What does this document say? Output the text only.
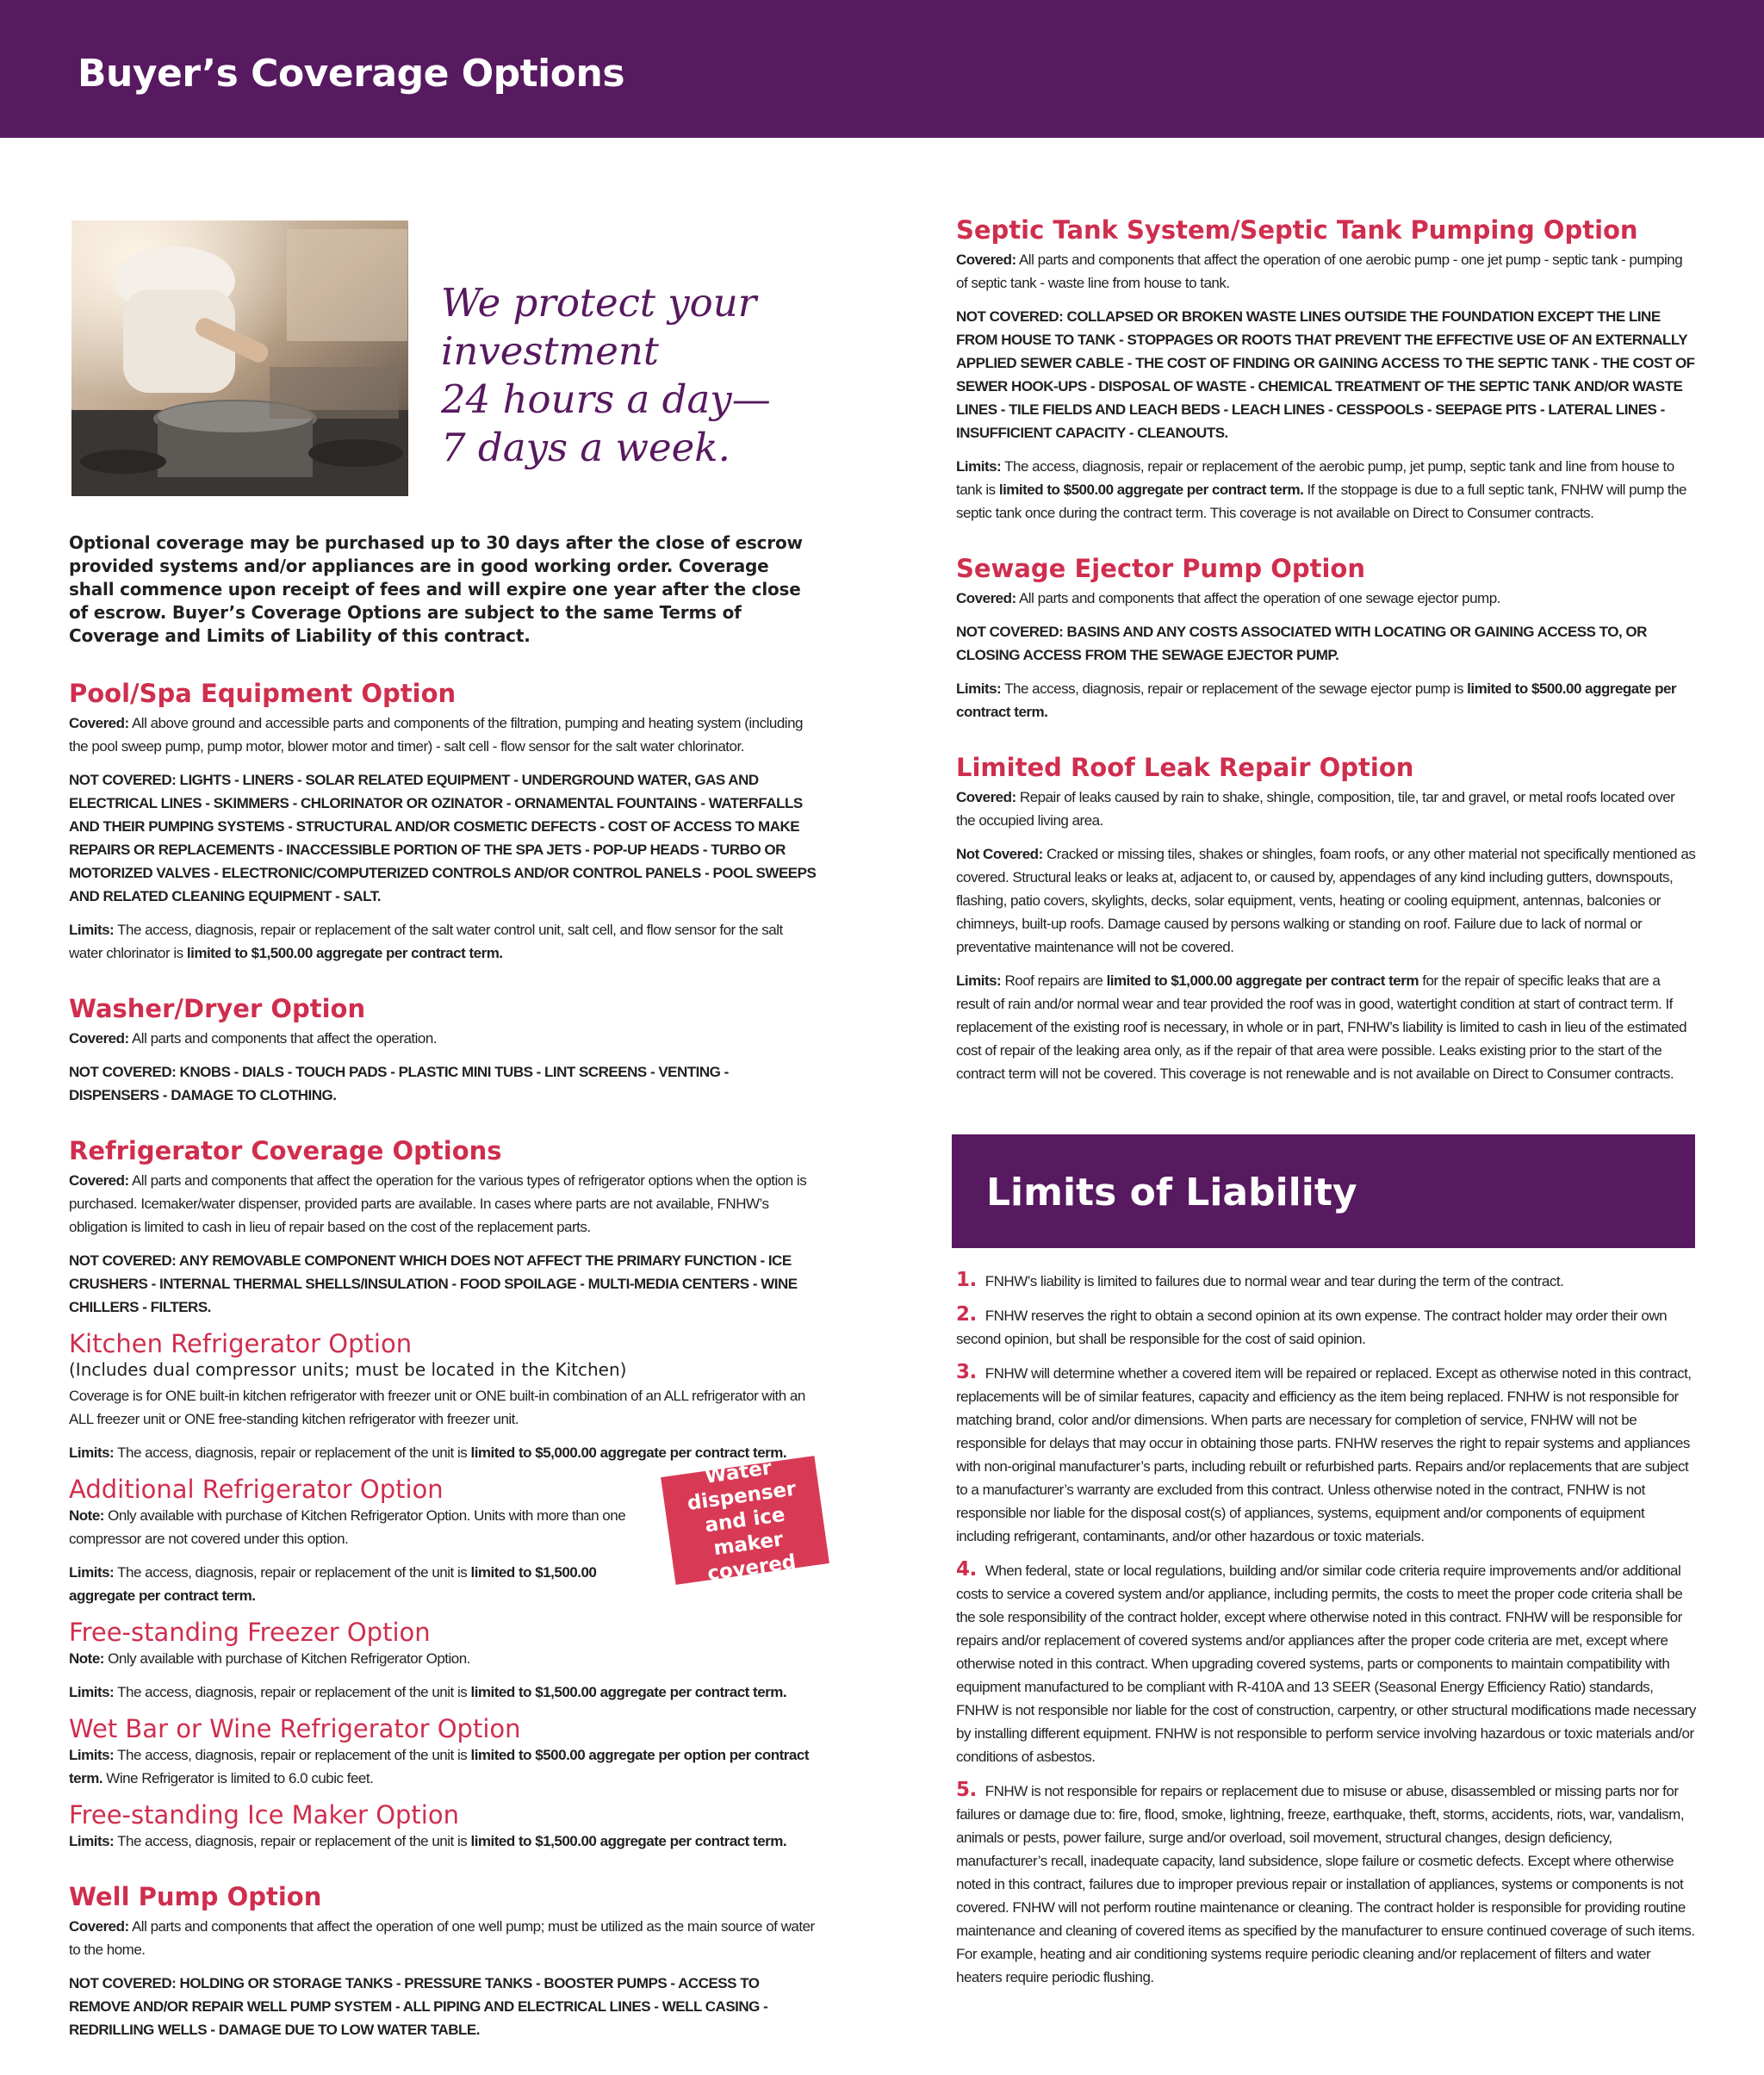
Buyer’s Coverage Options
We protect your
investment
24 hours a day—
7 days a week.

Optional coverage may be purchased up to 30 days after the close of escrow provided systems and/or appliances are in good working order. Coverage shall commence upon receipt of fees and will expire one year after the close of escrow. Buyer’s Coverage Options are subject to the same Terms of Coverage and Limits of Liability of this contract.

Pool/Spa Equipment Option

Covered: All above ground and accessible parts and components of the filtration, pumping and heating system (including the pool sweep pump, pump motor, blower motor and timer) - salt cell - flow sensor for the salt water chlorinator.

NOT COVERED: LIGHTS - LINERS - SOLAR RELATED EQUIPMENT - UNDERGROUND WATER, GAS AND ELECTRICAL LINES - SKIMMERS - CHLORINATOR OR OZINATOR - ORNAMENTAL FOUNTAINS - WATERFALLS AND THEIR PUMPING SYSTEMS - STRUCTURAL AND/OR COSMETIC DEFECTS - COST OF ACCESS TO MAKE REPAIRS OR REPLACEMENTS - INACCESSIBLE PORTION OF THE SPA JETS - POP-UP HEADS - TURBO OR MOTORIZED VALVES - ELECTRONIC/COMPUTERIZED CONTROLS AND/OR CONTROL PANELS - POOL SWEEPS AND RELATED CLEANING EQUIPMENT - SALT.

Limits: The access, diagnosis, repair or replacement of the salt water control unit, salt cell, and flow sensor for the salt water chlorinator is limited to $1,500.00 aggregate per contract term.

Washer/Dryer Option

Covered: All parts and components that affect the operation.

NOT COVERED: KNOBS - DIALS - TOUCH PADS - PLASTIC MINI TUBS - LINT SCREENS - VENTING - DISPENSERS - DAMAGE TO CLOTHING.

Refrigerator Coverage Options

Covered: All parts and components that affect the operation for the various types of refrigerator options when the option is purchased. Icemaker/water dispenser, provided parts are available. In cases where parts are not available, FNHW’s obligation is limited to cash in lieu of repair based on the cost of the replacement parts.

NOT COVERED: ANY REMOVABLE COMPONENT WHICH DOES NOT AFFECT THE PRIMARY FUNCTION - ICE CRUSHERS - INTERNAL THERMAL SHELLS/INSULATION - FOOD SPOILAGE - MULTI-MEDIA CENTERS - WINE CHILLERS - FILTERS.

Kitchen Refrigerator Option

(Includes dual compressor units; must be located in the Kitchen)

Coverage is for ONE built-in kitchen refrigerator with freezer unit or ONE built-in combination of an ALL refrigerator with an ALL freezer unit or ONE free-standing kitchen refrigerator with freezer unit.

Limits: The access, diagnosis, repair or replacement of the unit is limited to $5,000.00 aggregate per contract term.

Additional Refrigerator Option

Note: Only available with purchase of Kitchen Refrigerator Option. Units with more than one compressor are not covered under this option.

Limits: The access, diagnosis, repair or replacement of the unit is limited to $1,500.00 aggregate per contract term.

Free-standing Freezer Option

Note: Only available with purchase of Kitchen Refrigerator Option.

Limits: The access, diagnosis, repair or replacement of the unit is limited to $1,500.00 aggregate per contract term.

Wet Bar or Wine Refrigerator Option

Limits: The access, diagnosis, repair or replacement of the unit is limited to $500.00 aggregate per option per contract term. Wine Refrigerator is limited to 6.0 cubic feet.

Free-standing Ice Maker Option

Limits: The access, diagnosis, repair or replacement of the unit is limited to $1,500.00 aggregate per contract term.

Well Pump Option

Covered: All parts and components that affect the operation of one well pump; must be utilized as the main source of water to the home.

NOT COVERED: HOLDING OR STORAGE TANKS - PRESSURE TANKS - BOOSTER PUMPS - ACCESS TO REMOVE AND/OR REPAIR WELL PUMP SYSTEM - ALL PIPING AND ELECTRICAL LINES - WELL CASING - REDRILLING WELLS - DAMAGE DUE TO LOW WATER TABLE.

Water dispenser and ice maker covered
Septic Tank System/Septic Tank Pumping Option

Covered: All parts and components that affect the operation of one aerobic pump - one jet pump - septic tank - pumping of septic tank - waste line from house to tank.

NOT COVERED: COLLAPSED OR BROKEN WASTE LINES OUTSIDE THE FOUNDATION EXCEPT THE LINE FROM HOUSE TO TANK - STOPPAGES OR ROOTS THAT PREVENT THE EFFECTIVE USE OF AN EXTERNALLY APPLIED SEWER CABLE - THE COST OF FINDING OR GAINING ACCESS TO THE SEPTIC TANK - THE COST OF SEWER HOOK-UPS - DISPOSAL OF WASTE - CHEMICAL TREATMENT OF THE SEPTIC TANK AND/OR WASTE LINES - TILE FIELDS AND LEACH BEDS - LEACH LINES - CESSPOOLS - SEEPAGE PITS - LATERAL LINES - INSUFFICIENT CAPACITY - CLEANOUTS.

Limits: The access, diagnosis, repair or replacement of the aerobic pump, jet pump, septic tank and line from house to tank is limited to $500.00 aggregate per contract term. If the stoppage is due to a full septic tank, FNHW will pump the septic tank once during the contract term. This coverage is not available on Direct to Consumer contracts.

Sewage Ejector Pump Option

Covered: All parts and components that affect the operation of one sewage ejector pump.

NOT COVERED: BASINS AND ANY COSTS ASSOCIATED WITH LOCATING OR GAINING ACCESS TO, OR CLOSING ACCESS FROM THE SEWAGE EJECTOR PUMP.

Limits: The access, diagnosis, repair or replacement of the sewage ejector pump is limited to $500.00 aggregate per contract term.

Limited Roof Leak Repair Option

Covered: Repair of leaks caused by rain to shake, shingle, composition, tile, tar and gravel, or metal roofs located over the occupied living area.

Not Covered: Cracked or missing tiles, shakes or shingles, foam roofs, or any other material not specifically mentioned as covered. Structural leaks or leaks at, adjacent to, or caused by, appendages of any kind including gutters, downspouts, flashing, patio covers, skylights, decks, solar equipment, vents, heating or cooling equipment, antennas, balconies or chimneys, built-up roofs. Damage caused by persons walking or standing on roof. Failure due to lack of normal or preventative maintenance will not be covered.

Limits: Roof repairs are limited to $1,000.00 aggregate per contract term for the repair of specific leaks that are a result of rain and/or normal wear and tear provided the roof was in good, watertight condition at start of contract term. If replacement of the existing roof is necessary, in whole or in part, FNHW’s liability is limited to cash in lieu of the estimated cost of repair of the leaking area only, as if the repair of that area were possible. Leaks existing prior to the start of the contract term will not be covered. This coverage is not renewable and is not available on Direct to Consumer contracts.

Limits of Liability

1. FNHW’s liability is limited to failures due to normal wear and tear during the term of the contract.

2. FNHW reserves the right to obtain a second opinion at its own expense. The contract holder may order their own second opinion, but shall be responsible for the cost of said opinion.

3. FNHW will determine whether a covered item will be repaired or replaced. Except as otherwise noted in this contract, replacements will be of similar features, capacity and efficiency as the item being replaced. FNHW is not responsible for matching brand, color and/or dimensions. When parts are necessary for completion of service, FNHW will not be responsible for delays that may occur in obtaining those parts. FNHW reserves the right to repair systems and appliances with non-original manufacturer’s parts, including rebuilt or refurbished parts. Repairs and/or replacements that are subject to a manufacturer’s warranty are excluded from this contract. Unless otherwise noted in the contract, FNHW is not responsible nor liable for the disposal cost(s) of appliances, systems, equipment and/or components of equipment including refrigerant, contaminants, and/or other hazardous or toxic materials.

4. When federal, state or local regulations, building and/or similar code criteria require improvements and/or additional costs to service a covered system and/or appliance, including permits, the costs to meet the proper code criteria shall be the sole responsibility of the contract holder, except where otherwise noted in this contract. FNHW will be responsible for repairs and/or replacement of covered systems and/or appliances after the proper code criteria are met, except where otherwise noted in this contract. When upgrading covered systems, parts or components to maintain compatibility with equipment manufactured to be compliant with R-410A and 13 SEER (Seasonal Energy Efficiency Ratio) standards, FNHW is not responsible nor liable for the cost of construction, carpentry, or other structural modifications made necessary by installing different equipment. FNHW is not responsible to perform service involving hazardous or toxic materials and/or conditions of asbestos.

5. FNHW is not responsible for repairs or replacement due to misuse or abuse, disassembled or missing parts nor for failures or damage due to: fire, flood, smoke, lightning, freeze, earthquake, theft, storms, accidents, riots, war, vandalism, animals or pests, power failure, surge and/or overload, soil movement, structural changes, design deficiency, manufacturer’s recall, inadequate capacity, land subsidence, slope failure or cosmetic defects. Except where otherwise noted in this contract, failures due to improper previous repair or installation of appliances, systems or components is not covered. FNHW will not perform routine maintenance or cleaning. The contract holder is responsible for providing routine maintenance and cleaning of covered items as specified by the manufacturer to ensure continued coverage of such items. For example, heating and air conditioning systems require periodic cleaning and/or replacement of filters and water heaters require periodic flushing.
